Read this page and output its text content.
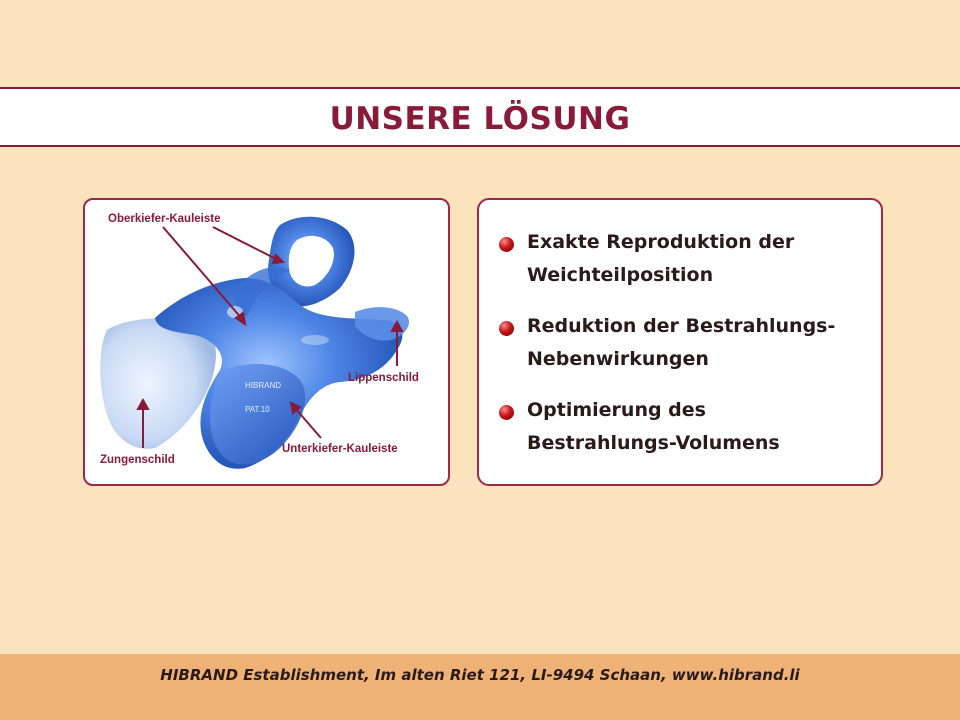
UNSERE LÖSUNG
HIBRAND
PAT.10
Oberkiefer-Kauleiste
Lippenschild
Zungenschild
Unterkiefer-Kauleiste
Exakte Reproduktion der
Weichteilposition
Reduktion der Bestrahlungs-
Nebenwirkungen
Optimierung des
Bestrahlungs-Volumens
HIBRAND Establishment, Im alten Riet 121, LI-9494 Schaan, www.hibrand.li
